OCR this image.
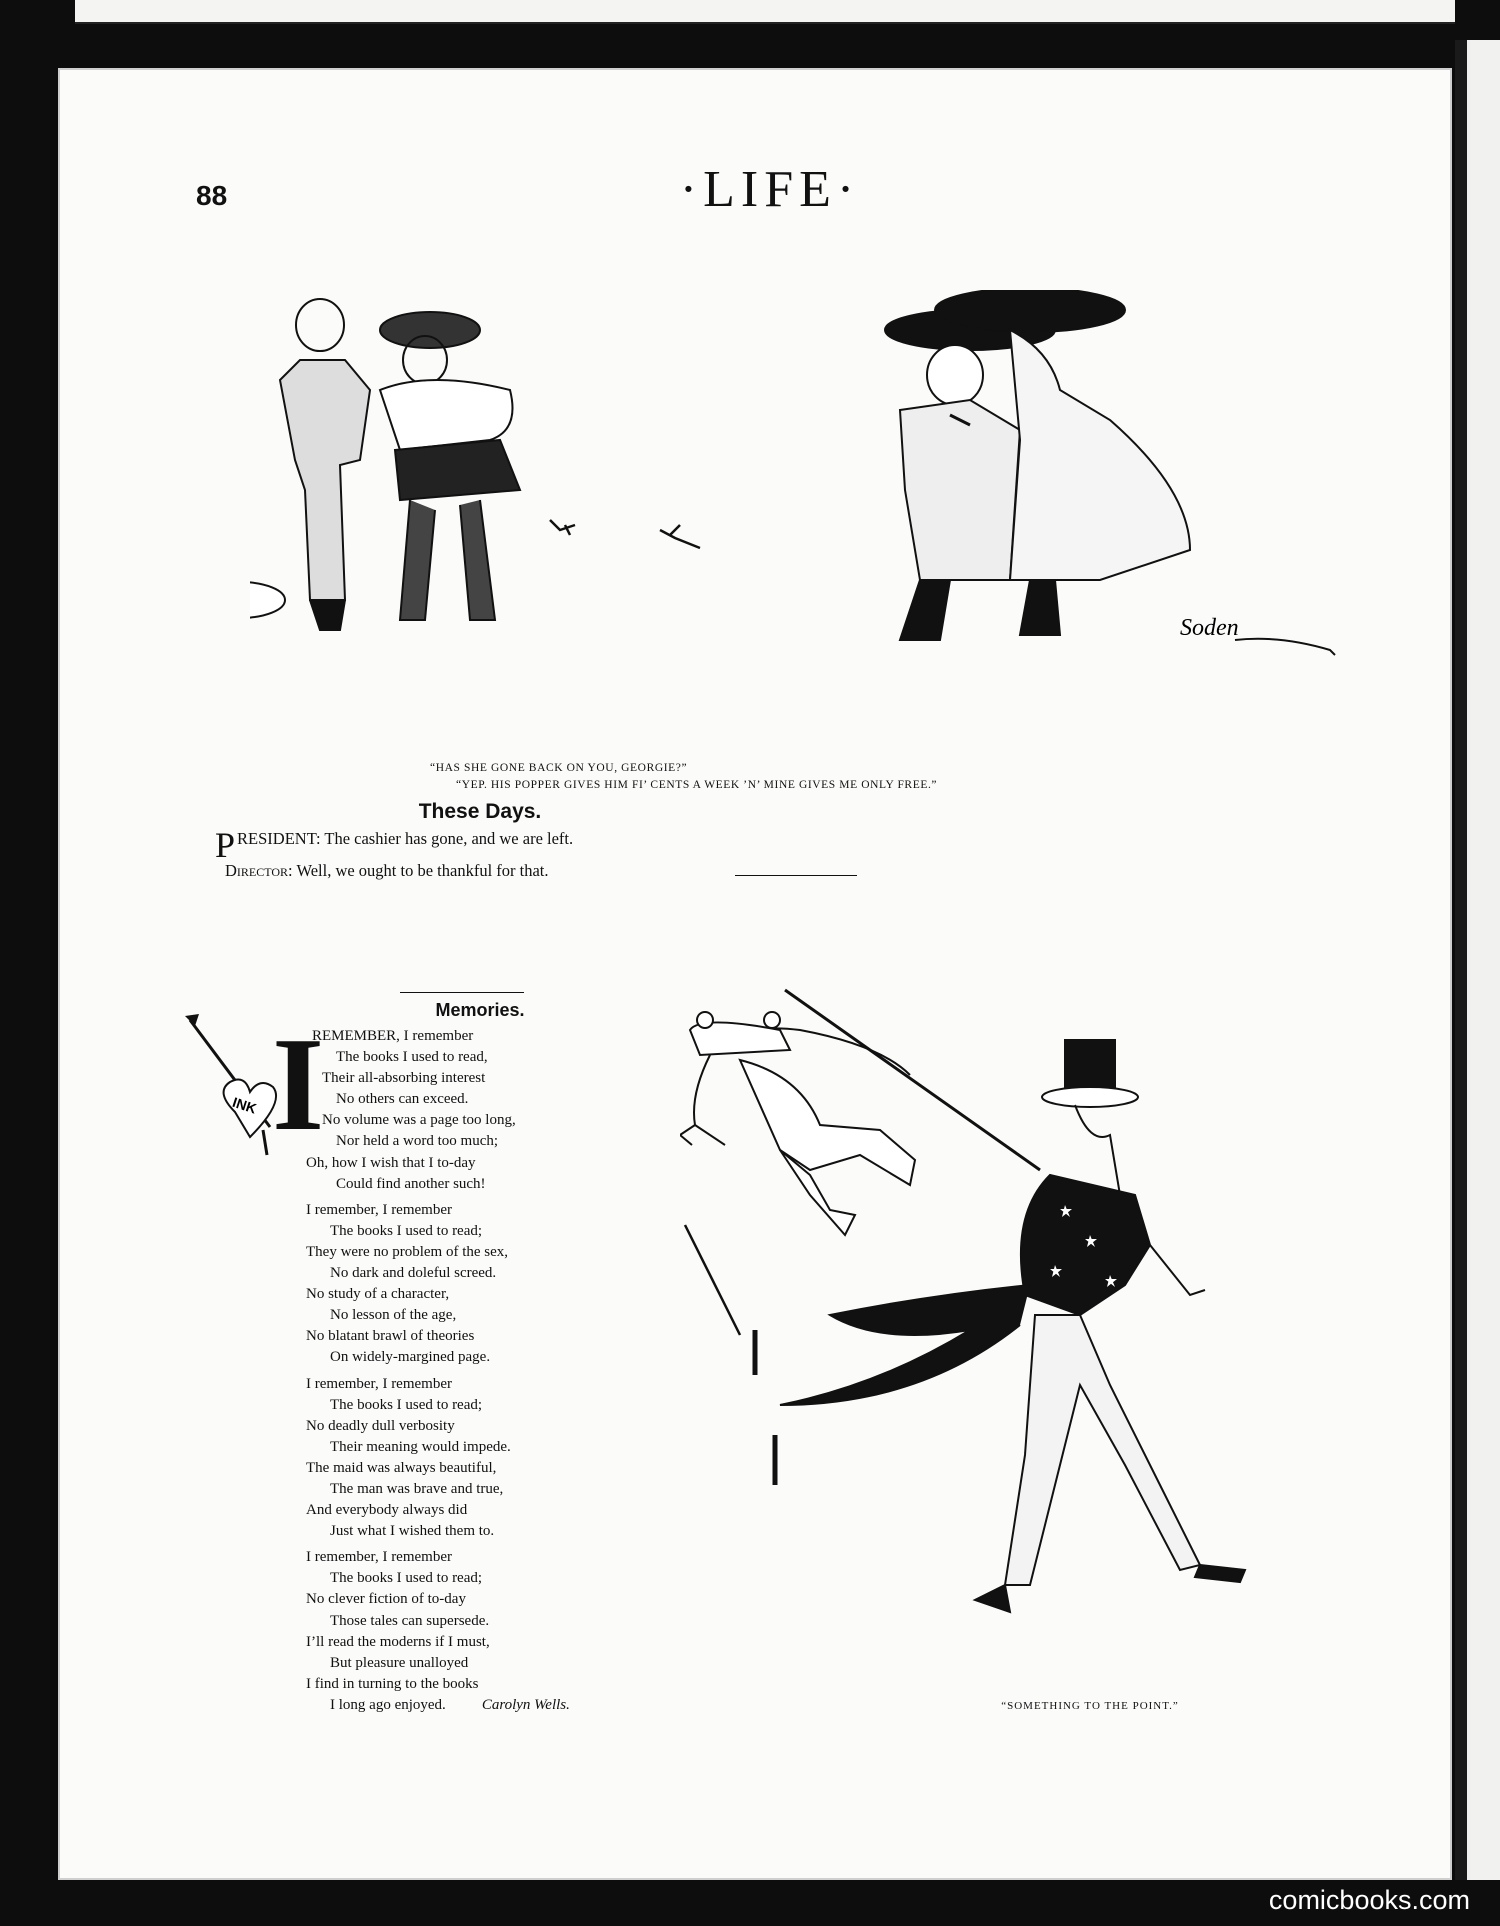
88	·LIFE·
Soden
“HAS SHE GONE BACK ON YOU, GEORGIE?”
“YEP. HIS POPPER GIVES HIM FI’ CENTS A WEEK ’N’ MINE GIVES ME ONLY FREE.”
These Days.

PRESIDENT: The cashier has gone, and we are left.

Director: Well, we ought to be thankful for that.

Memories.
INK I
REMEMBER, I remember
The books I used to read,
Their all-absorbing interest
No others can exceed.
No volume was a page too long,
Nor held a word too much;
Oh, how I wish that I to-day
Could find another such!
I remember, I remember
The books I used to read;
They were no problem of the sex,
No dark and doleful screed.
No study of a character,
No lesson of the age,
No blatant brawl of theories
On widely-margined page.
I remember, I remember
The books I used to read;
No deadly dull verbosity
Their meaning would impede.
The maid was always beautiful,
The man was brave and true,
And everybody always did
Just what I wished them to.
I remember, I remember
The books I used to read;
No clever fiction of to-day
Those tales can supersede.
I’ll read the moderns if I must,
But pleasure unalloyed
I find in turning to the books
I long ago enjoyed. Carolyn Wells.	“SOMETHING TO THE POINT.”
comicbooks.com
